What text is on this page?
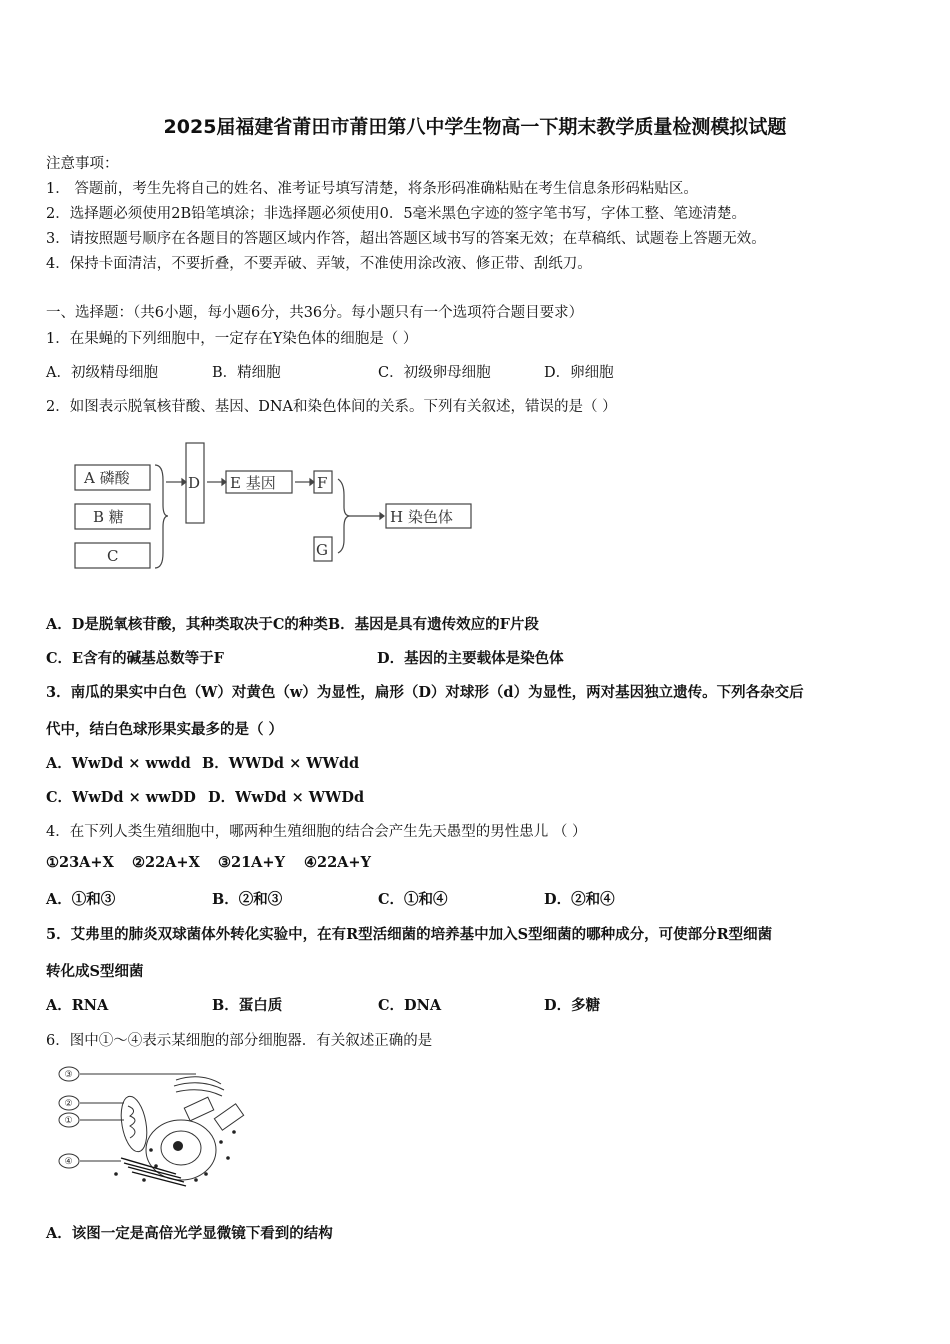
2025届福建省莆田市莆田第八中学生物高一下期末教学质量检测模拟试题
注意事项：
1． 答题前，考生先将自己的姓名、准考证号填写清楚，将条形码准确粘贴在考生信息条形码粘贴区。
2．选择题必须使用2B铅笔填涂；非选择题必须使用0．5毫米黑色字迹的签字笔书写，字体工整、笔迹清楚。
3．请按照题号顺序在各题目的答题区域内作答，超出答题区域书写的答案无效；在草稿纸、试题卷上答题无效。
4．保持卡面清洁，不要折叠，不要弄破、弄皱，不准使用涂改液、修正带、刮纸刀。
一、选择题：（共6小题，每小题6分，共36分。每小题只有一个选项符合题目要求）
1．在果蝇的下列细胞中，一定存在Y染色体的细胞是（ ）
A．初级精母细胞	B．精细胞	C．初级卵母细胞	D．卵细胞
2．如图表示脱氧核苷酸、基因、DNA和染色体间的关系。下列有关叙述，错误的是（ ）
A 磷酸
B 糖
C
D E 基因	F
G
H 染色体
A．D是脱氧核苷酸，其种类取决于C的种类B．基因是具有遗传效应的F片段
C．E含有的碱基总数等于F	D．基因的主要载体是染色体
3．南瓜的果实中白色（W）对黄色（w）为显性，扁形（D）对球形（d）为显性，两对基因独立遗传。下列各杂交后
代中，结白色球形果实最多的是（ ）
A．WwDd × wwdd B．WWDd × WWdd
C．WwDd × wwDD D．WwDd × WWDd
4．在下列人类生殖细胞中，哪两种生殖细胞的结合会产生先天愚型的男性患儿 （ ）
①23A+X ②22A+X ③21A+Y ④22A+Y
A．①和③	B．②和③	C．①和④	D．②和④
5．艾弗里的肺炎双球菌体外转化实验中，在有R型活细菌的培养基中加入S型细菌的哪种成分，可使部分R型细菌
转化成S型细菌
A．RNA	B．蛋白质	C．DNA	D．多糖
6．图中①～④表示某细胞的部分细胞器．有关叙述正确的是
③
②
①
④
A．该图一定是高倍光学显微镜下看到的结构
